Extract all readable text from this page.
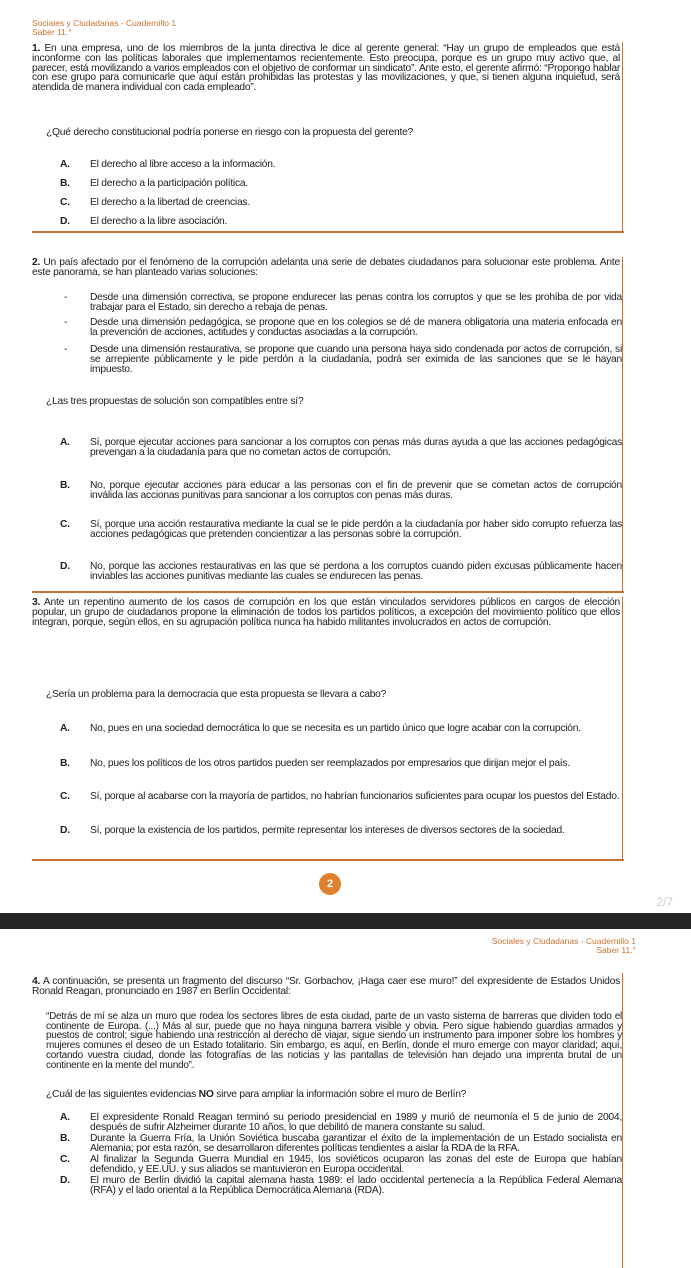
Sociales y Ciudadanas - Cuadernillo 1
Saber 11.°
1. En una empresa, uno de los miembros de la junta directiva le dice al gerente general: “Hay un grupo de empleados que está inconforme con las políticas laborales que implementamos recientemente. Esto preocupa, porque es un grupo muy activo que, al parecer, está movilizando a varios empleados con el objetivo de conformar un sindicato”. Ante esto, el gerente afirmó: “Propongo hablar con ese grupo para comunicarle que aquí están prohibidas las protestas y las movilizaciones, y que, si tienen alguna inquietud, será atendida de manera individual con cada empleado”.
¿Qué derecho constitucional podría ponerse en riesgo con la propuesta del gerente?
A.	El derecho al libre acceso a la información.
B.	El derecho a la participación política.
C.	El derecho a la libertad de creencias.
D.	El derecho a la libre asociación.
2. Un país afectado por el fenómeno de la corrupción adelanta una serie de debates ciudadanos para solucionar este problema. Ante este panorama, se han planteado varias soluciones:
-	Desde una dimensión correctiva, se propone endurecer las penas contra los corruptos y que se les prohíba de por vida trabajar para el Estado, sin derecho a rebaja de penas.
-	Desde una dimensión pedagógica, se propone que en los colegios se dé de manera obligatoria una materia enfocada en la prevención de acciones, actitudes y conductas asociadas a la corrupción.
-	Desde una dimensión restaurativa, se propone que cuando una persona haya sido condenada por actos de corrupción, si se arrepiente públicamente y le pide perdón a la ciudadanía, podrá ser eximida de las sanciones que se le hayan impuesto.
¿Las tres propuestas de solución son compatibles entre sí?
A.	Sí, porque ejecutar acciones para sancionar a los corruptos con penas más duras ayuda a que las acciones pedagógicas prevengan a la ciudadanía para que no cometan actos de corrupción.
B.	No, porque ejecutar acciones para educar a las personas con el fin de prevenir que se cometan actos de corrupción inválida las accionas punitivas para sancionar a los corruptos con penas más duras.
C.	Sí, porque una acción restaurativa mediante la cual se le pide perdón a la ciudadanía por haber sido corrupto refuerza las acciones pedagógicas que pretenden concientizar a las personas sobre la corrupción.
D.	No, porque las acciones restaurativas en las que se perdona a los corruptos cuando piden excusas públicamente hacen inviables las acciones punitivas mediante las cuales se endurecen las penas.
3. Ante un repentino aumento de los casos de corrupción en los que están vinculados servidores públicos en cargos de elección popular, un grupo de ciudadanos propone la eliminación de todos los partidos políticos, a excepción del movimiento político que ellos integran, porque, según ellos, en su agrupación política nunca ha habido militantes involucrados en actos de corrupción.
¿Sería un problema para la democracia que esta propuesta se llevara a cabo?
A.	No, pues en una sociedad democrática lo que se necesita es un partido único que logre acabar con la corrupción.
B.	No, pues los políticos de los otros partidos pueden ser reemplazados por empresarios que dirijan mejor el país.
C.	Sí, porque al acabarse con la mayoría de partidos, no habrían funcionarios suficientes para ocupar los puestos del Estado.
D.	Sí, porque la existencia de los partidos, permite representar los intereses de diversos sectores de la sociedad.
2
2/7
Sociales y Ciudadanas - Cuadernillo 1
Saber 11.°
4. A continuación, se presenta un fragmento del discurso “Sr. Gorbachov, ¡Haga caer ese muro!” del expresidente de Estados Unidos Ronald Reagan, pronunciado en 1987 en Berlín Occidental:
“Detrás de mí se alza un muro que rodea los sectores libres de esta ciudad, parte de un vasto sistema de barreras que dividen todo el continente de Europa. (...) Más al sur, puede que no haya ninguna barrera visible y obvia. Pero sigue habiendo guardias armados y puestos de control; sigue habiendo una restricción al derecho de viajar, sigue siendo un instrumento para imponer sobre los hombres y mujeres comunes el deseo de un Estado totalitario. Sin embargo, es aquí, en Berlín, donde el muro emerge con mayor claridad; aquí, cortando vuestra ciudad, donde las fotografías de las noticias y las pantallas de televisión han dejado una imprenta brutal de un continente en la mente del mundo”.
¿Cuál de las siguientes evidencias NO sirve para ampliar la información sobre el muro de Berlín?
A.	El expresidente Ronald Reagan terminó su periodo presidencial en 1989 y murió de neumonía el 5 de junio de 2004, después de sufrir Alzheimer durante 10 años, lo que debilitó de manera constante su salud.
B.	Durante la Guerra Fría, la Unión Soviética buscaba garantizar el éxito de la implementación de un Estado socialista en Alemania; por esta razón, se desarrollaron diferentes políticas tendientes a aislar la RDA de la RFA.
C.	Al finalizar la Segunda Guerra Mundial en 1945, los soviéticos ocuparon las zonas del este de Europa que habían defendido, y EE.UU. y sus aliados se mantuvieron en Europa occidental.
D.	El muro de Berlín dividió la capital alemana hasta 1989: el lado occidental pertenecía a la República Federal Alemana (RFA) y el lado oriental a la República Democrática Alemana (RDA).
